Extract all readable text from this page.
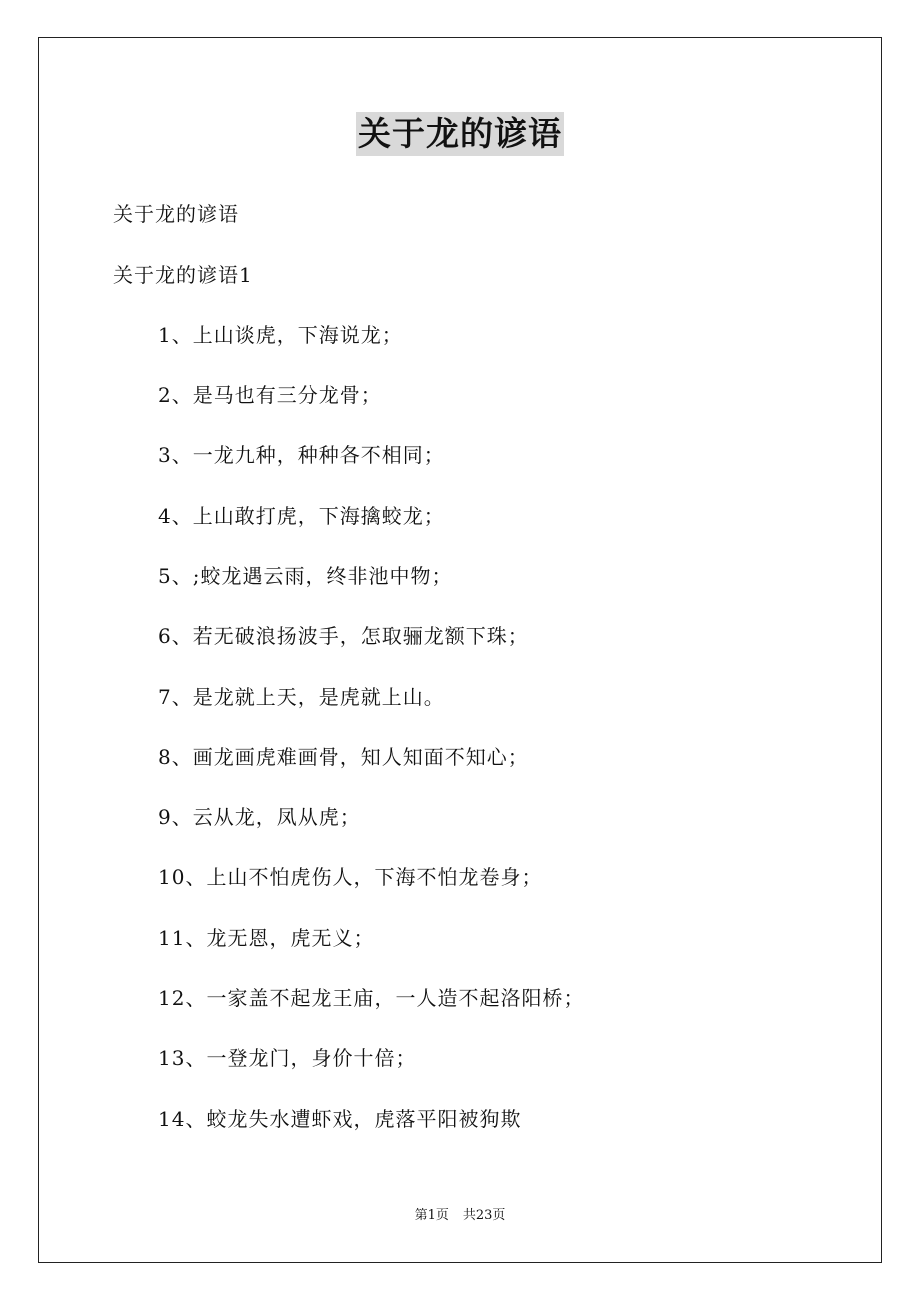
关于龙的谚语
关于龙的谚语
关于龙的谚语1
1、上山谈虎，下海说龙；
2、是马也有三分龙骨；
3、一龙九种，种种各不相同；
4、上山敢打虎，下海擒蛟龙；
5、;蛟龙遇云雨，终非池中物；
6、若无破浪扬波手，怎取骊龙额下珠；
7、是龙就上天，是虎就上山。
8、画龙画虎难画骨，知人知面不知心；
9、云从龙，凤从虎；
10、上山不怕虎伤人，下海不怕龙卷身；
11、龙无恩，虎无义；
12、一家盖不起龙王庙，一人造不起洛阳桥；
13、一登龙门，身价十倍；
14、蛟龙失水遭虾戏，虎落平阳被狗欺
第1页 共23页
